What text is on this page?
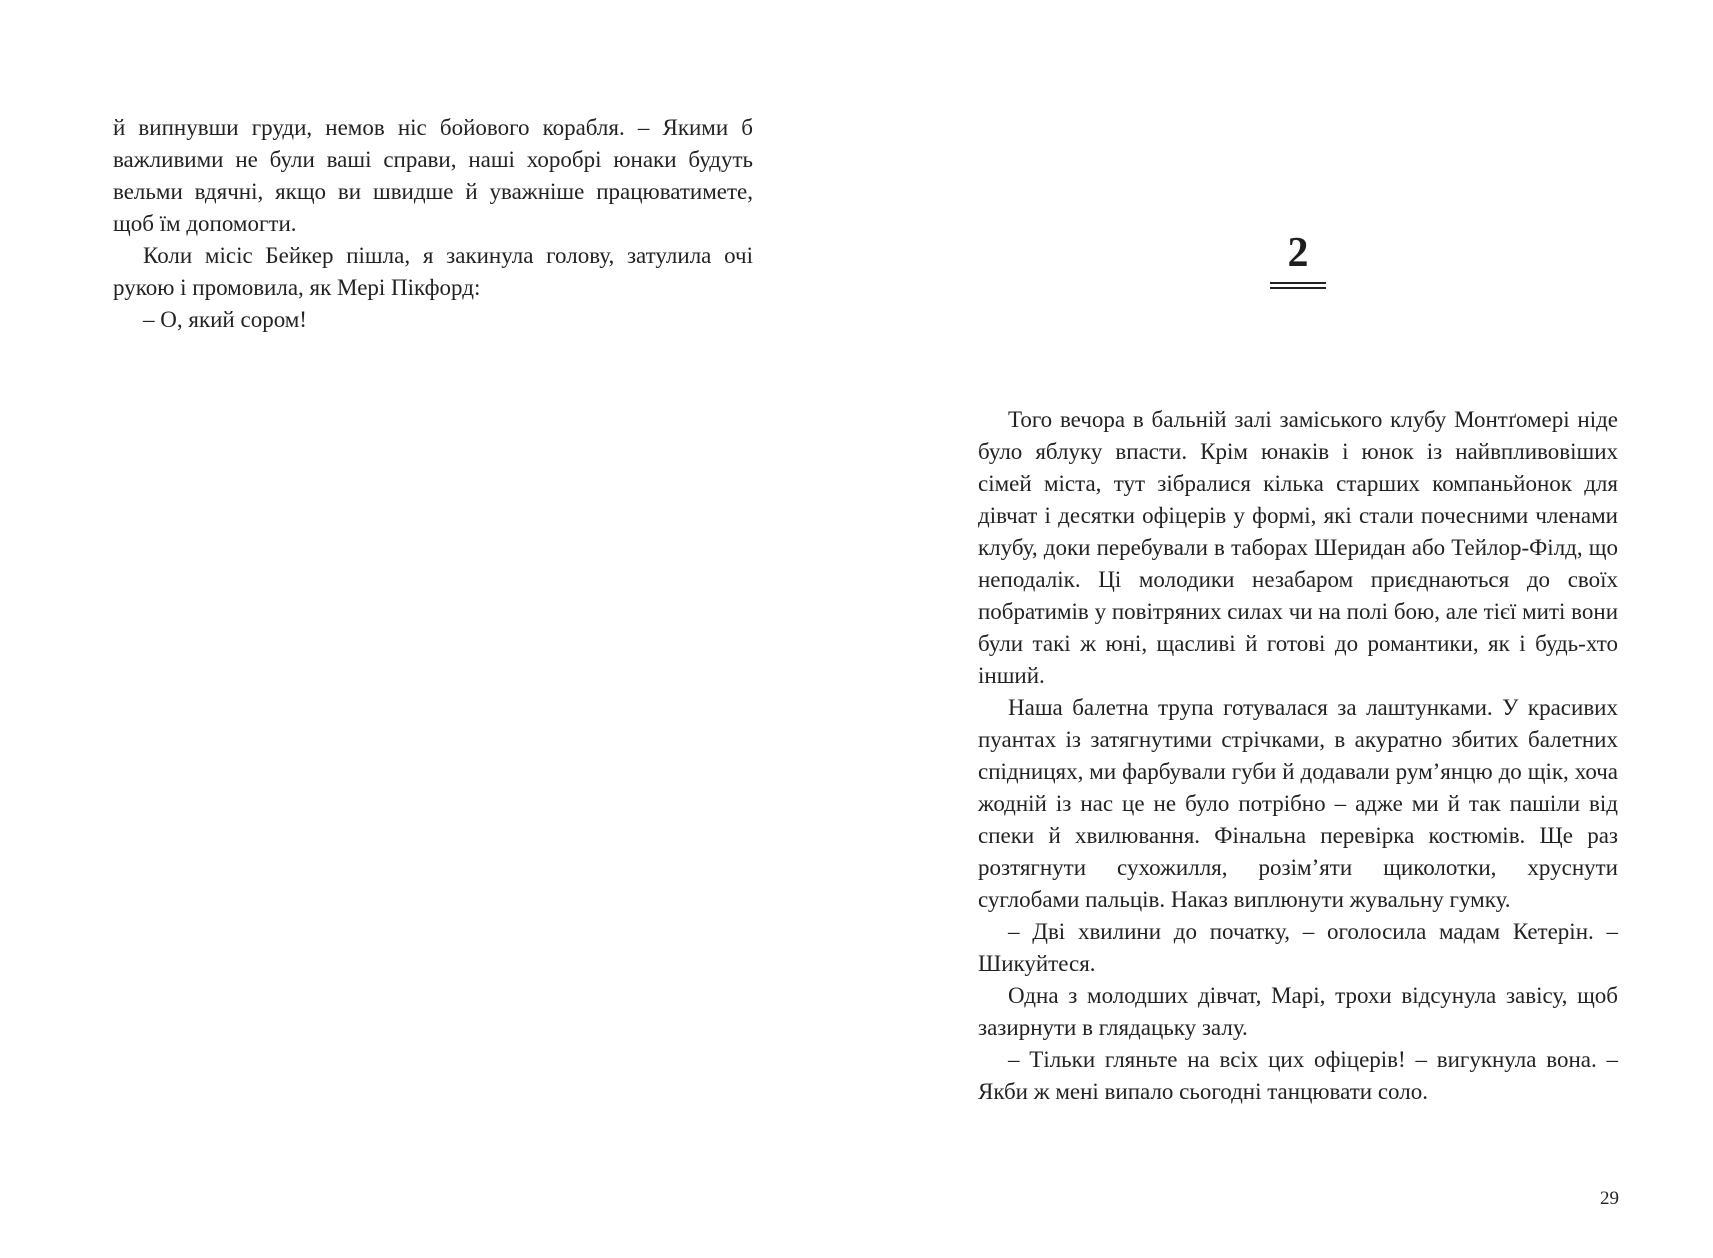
й випнувши груди, немов ніс бойового корабля. – Якими б важливими не були ваші справи, наші хоробрі юнаки будуть вельми вдячні, якщо ви швидше й уважніше працюватимете, щоб їм допомогти.

Коли місіс Бейкер пішла, я закинула голову, затулила очі рукою і промовила, як Мері Пікфорд:

– О, який сором!

2

Того вечора в бальній залі заміського клубу Монтґомері ніде було яблуку впасти. Крім юнаків і юнок із найвпливовіших сімей міста, тут зібралися кілька старших компаньйонок для дівчат і десятки офіцерів у формі, які стали почесними членами клубу, доки перебували в таборах Шеридан або Тейлор-Філд, що неподалік. Ці молодики незабаром приєднаються до своїх побратимів у повітряних силах чи на полі бою, але тієї миті вони були такі ж юні, щасливі й готові до романтики, як і будь-хто інший.

Наша балетна трупа готувалася за лаштунками. У красивих пуантах із затягнутими стрічками, в акуратно збитих балетних спідницях, ми фарбували губи й додавали рум’янцю до щік, хоча жодній із нас це не було потрібно – адже ми й так пашіли від спеки й хвилювання. Фінальна перевірка костюмів. Ще раз розтягнути сухожилля, розім’яти щиколотки, хруснути суглобами пальців. Наказ виплюнути жувальну гумку.

– Дві хвилини до початку, – оголосила мадам Кетерін. – Шикуйтеся.

Одна з молодших дівчат, Марі, трохи відсунула завісу, щоб зазирнути в глядацьку залу.

– Тільки гляньте на всіх цих офіцерів! – вигукнула вона. – Якби ж мені випало сьогодні танцювати соло.

29
